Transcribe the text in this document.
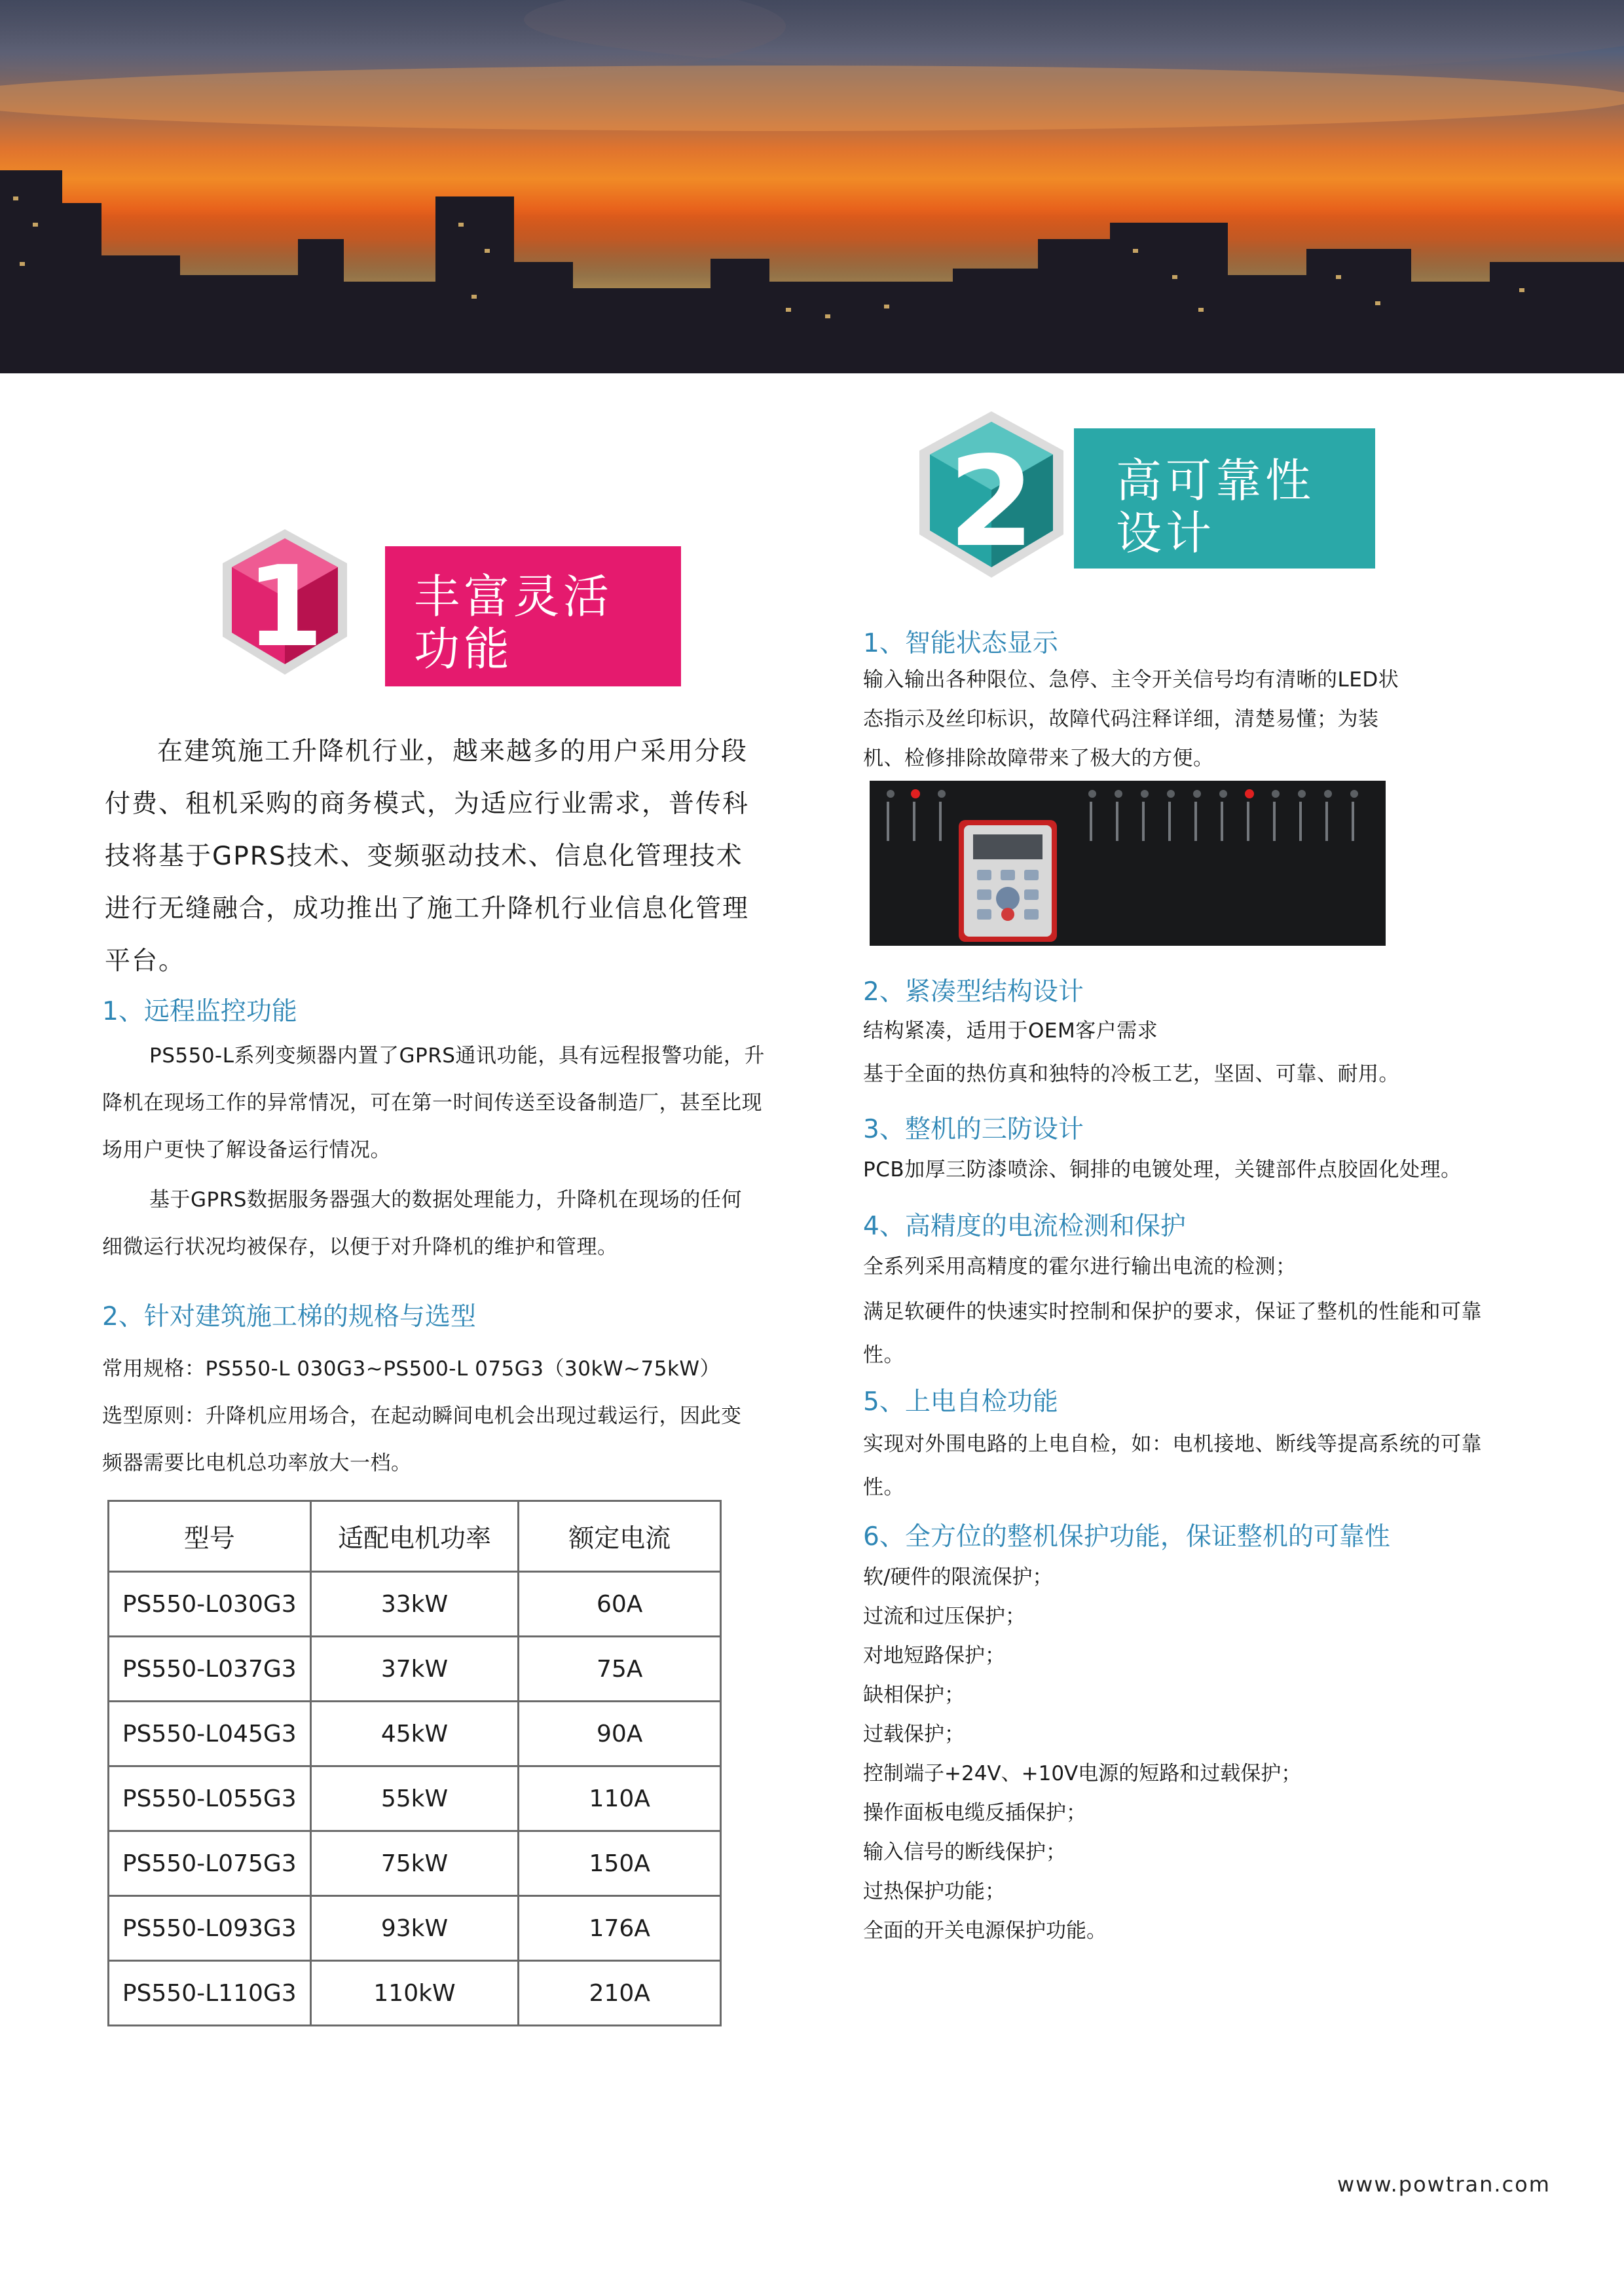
1 丰富灵活
功能
2 高可靠性
设计
在建筑施工升降机行业，越来越多的用户采用分段付费、租机采购的商务模式，为适应行业需求，普传科技将基于GPRS技术、变频驱动技术、信息化管理技术进行无缝融合，成功推出了施工升降机行业信息化管理平台。
1、远程监控功能
PS550-L系列变频器内置了GPRS通讯功能，具有远程报警功能，升降机在现场工作的异常情况，可在第一时间传送至设备制造厂，甚至比现场用户更快了解设备运行情况。
基于GPRS数据服务器强大的数据处理能力，升降机在现场的任何细微运行状况均被保存，以便于对升降机的维护和管理。
2、针对建筑施工梯的规格与选型
常用规格：PS550-L 030G3~PS500-L 075G3（30kW~75kW）
选型原则：升降机应用场合，在起动瞬间电机会出现过载运行，因此变频器需要比电机总功率放大一档。
型号	适配电机功率	额定电流
PS550-L030G3	33kW	60A
PS550-L037G3	37kW	75A
PS550-L045G3	45kW	90A
PS550-L055G3	55kW	110A
PS550-L075G3	75kW	150A
PS550-L093G3	93kW	176A
PS550-L110G3	110kW	210A
1、智能状态显示
输入输出各种限位、急停、主令开关信号均有清晰的LED状态指示及丝印标识，故障代码注释详细，清楚易懂；为装机、检修排除故障带来了极大的方便。
2、紧凑型结构设计
结构紧凑，适用于OEM客户需求
基于全面的热仿真和独特的冷板工艺，坚固、可靠、耐用。
3、整机的三防设计
PCB加厚三防漆喷涂、铜排的电镀处理，关键部件点胶固化处理。
4、高精度的电流检测和保护
全系列采用高精度的霍尔进行输出电流的检测；
满足软硬件的快速实时控制和保护的要求，保证了整机的性能和可靠性。
5、上电自检功能
实现对外围电路的上电自检，如：电机接地、断线等提高系统的可靠性。
6、全方位的整机保护功能，保证整机的可靠性
软/硬件的限流保护；
过流和过压保护；
对地短路保护；
缺相保护；
过载保护；
控制端子+24V、+10V电源的短路和过载保护；
操作面板电缆反插保护；
输入信号的断线保护；
过热保护功能；
全面的开关电源保护功能。
www.powtran.com
